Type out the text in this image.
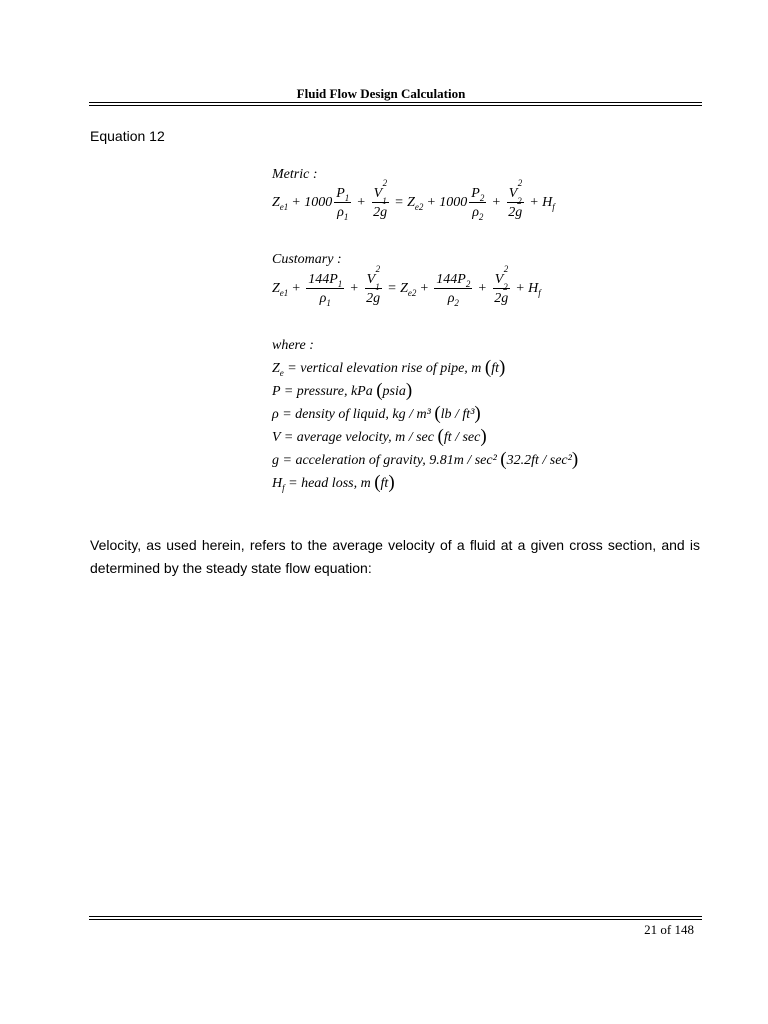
Fluid Flow Design Calculation
Equation 12
Metric :
$Z_{e1} + 1000 \frac{P_1}{\rho_1} + V$
2
$_1$
$2g = Z_{e2} + 1000 \frac{P_2}{\rho_2} + V$
2
$_2$
$2g + H_f$
Customary :
$Z_{e1} + \frac{144P_1}{\rho_1} + V$
2
$_1$
$2g = Z_{e2} + \frac{144P_2}{\rho_2} + V$
2
$_2$
$2g + H_f$
where :
$Z_e$ = vertical elevation rise of pipe, m (ft)
P = pressure, kPa (psia)
ρ = density of liquid, kg / m³ (lb / ft³)
V = average velocity, m / sec (ft / sec)
g = acceleration of gravity, 9.81m / sec² (32.2ft / sec²)
$H_f$ = head loss, m (ft)
Velocity, as used herein, refers to the average velocity of a fluid at a given cross section, and is determined by the steady state flow equation:
21 of 148
